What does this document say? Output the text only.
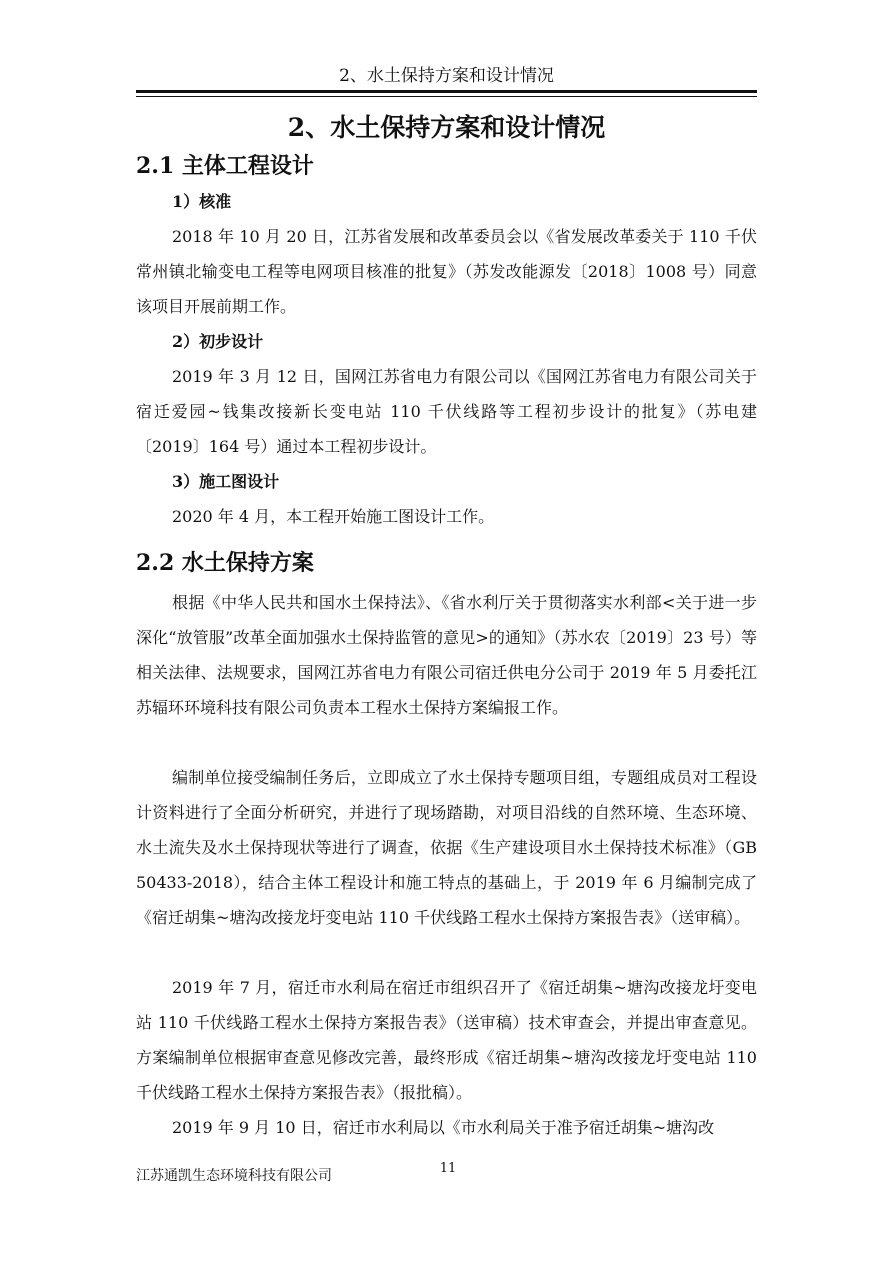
2、水土保持方案和设计情况
2、水土保持方案和设计情况
2.1 主体工程设计
1）核准

2018 年 10 月 20 日，江苏省发展和改革委员会以《省发展改革委关于 110 千伏常州镇北输变电工程等电网项目核准的批复》（苏发改能源发〔2018〕1008 号）同意该项目开展前期工作。

2）初步设计

2019 年 3 月 12 日，国网江苏省电力有限公司以《国网江苏省电力有限公司关于宿迁爱园~钱集改接新长变电站 110 千伏线路等工程初步设计的批复》（苏电建〔2019〕164 号）通过本工程初步设计。

3）施工图设计

2020 年 4 月，本工程开始施工图设计工作。

2.2 水土保持方案

根据《中华人民共和国水土保持法》、《省水利厅关于贯彻落实水利部<关于进一步深化“放管服”改革全面加强水土保持监管的意见>的通知》（苏水农〔2019〕23 号）等相关法律、法规要求，国网江苏省电力有限公司宿迁供电分公司于 2019 年 5 月委托江苏辐环环境科技有限公司负责本工程水土保持方案编报工作。

编制单位接受编制任务后，立即成立了水土保持专题项目组，专题组成员对工程设计资料进行了全面分析研究，并进行了现场踏勘，对项目沿线的自然环境、生态环境、水土流失及水土保持现状等进行了调查，依据《生产建设项目水土保持技术标准》（GB 50433-2018），结合主体工程设计和施工特点的基础上，于 2019 年 6 月编制完成了《宿迁胡集~塘沟改接龙圩变电站 110 千伏线路工程水土保持方案报告表》（送审稿）。

2019 年 7 月，宿迁市水利局在宿迁市组织召开了《宿迁胡集~塘沟改接龙圩变电站 110 千伏线路工程水土保持方案报告表》（送审稿）技术审查会，并提出审查意见。方案编制单位根据审查意见修改完善，最终形成《宿迁胡集~塘沟改接龙圩变电站 110 千伏线路工程水土保持方案报告表》（报批稿）。

2019 年 9 月 10 日，宿迁市水利局以《市水利局关于准予宿迁胡集~塘沟改

11
江苏通凯生态环境科技有限公司
